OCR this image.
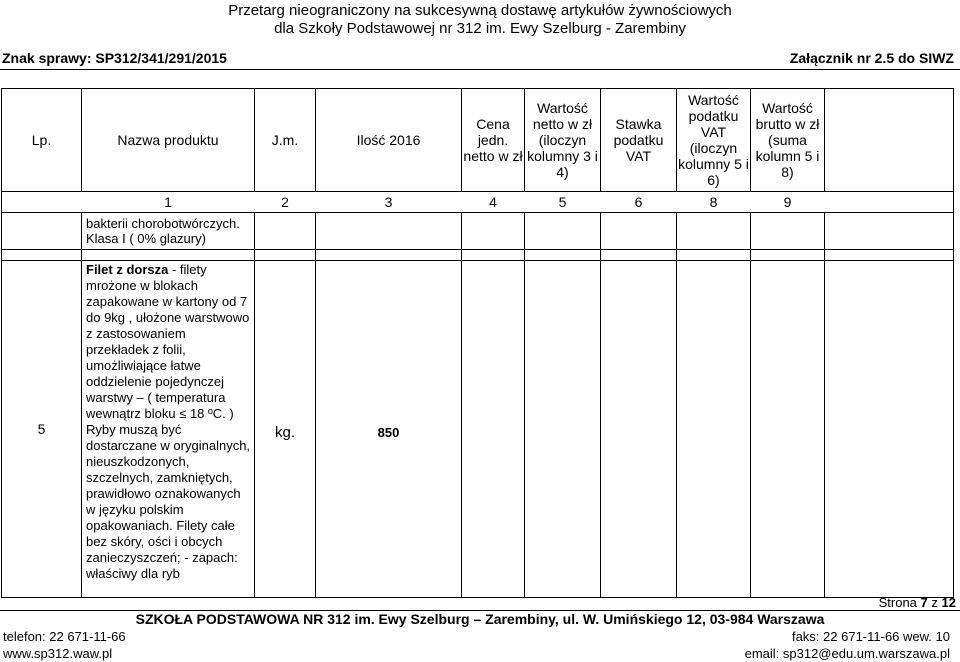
Przetarg nieograniczony na sukcesywną dostawę artykułów żywnościowych
dla Szkoły Podstawowej nr 312 im. Ewy Szelburg - Zarembiny
Znak sprawy: SP312/341/291/2015	Załącznik nr 2.5 do SIWZ
Lp.	Nazwa produktu	J.m.	Ilość 2016	Cena jedn. netto w zł	Wartość netto w zł (iloczyn kolumny 3 i 4)	Stawka podatku VAT	Wartość podatku VAT (iloczyn kolumny 5 i 6)	Wartość brutto w zł (suma kolumn 5 i 8)	
	1	2	3	4	5	6	8	9	
	bakterii chorobotwórczych. Klasa I ( 0% glazury)								

5	Filet z dorsza - filety mrożone w blokach zapakowane w kartony od 7 do 9kg , ułożone warstwowo z zastosowaniem przekładek z folii, umożliwiające łatwe oddzielenie pojedynczej warstwy – ( temperatura wewnątrz bloku ≤ 18 ºC. ) Ryby muszą być dostarczane w oryginalnych, nieuszkodzonych, szczelnych, zamkniętych, prawidłowo oznakowanych w języku polskim opakowaniach. Filety całe bez skóry, ości i obcych zanieczyszczeń; - zapach: właściwy dla ryb	kg.	850						
Strona 7 z 12
SZKOŁA PODSTAWOWA NR 312 im. Ewy Szelburg – Zarembiny, ul. W. Umińskiego 12, 03-984 Warszawa
telefon: 22 671-11-66	faks: 22 671-11-66 wew. 10
www.sp312.waw.pl	email: sp312@edu.um.warszawa.pl
